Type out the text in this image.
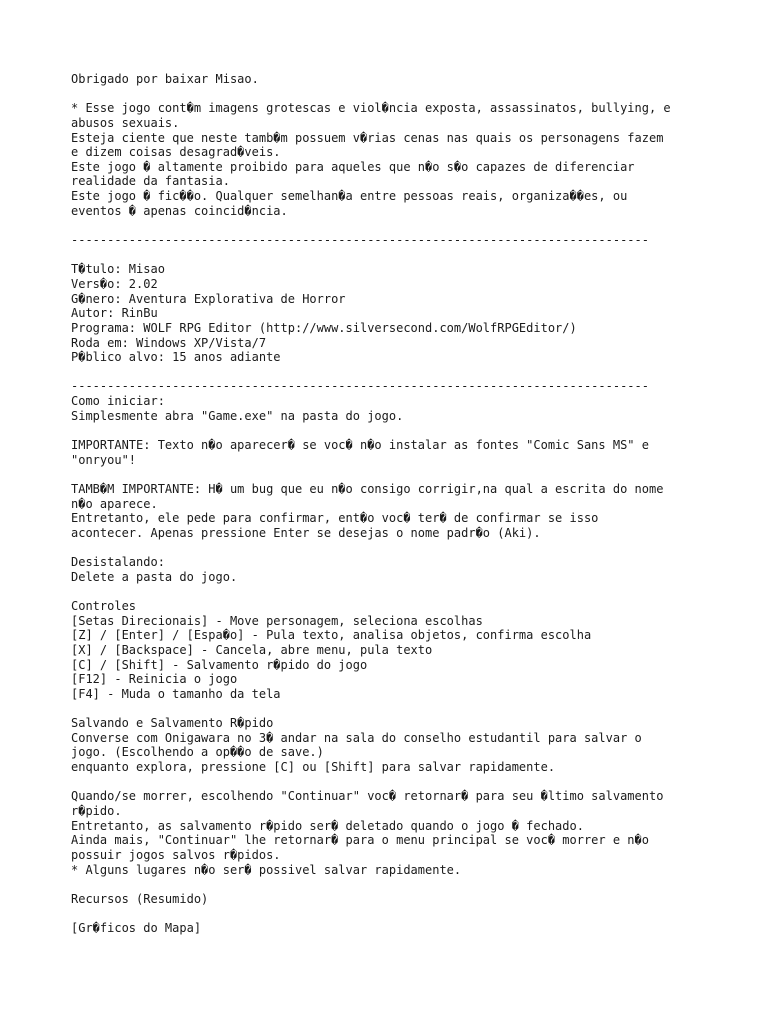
Obrigado por baixar Misao.
* Esse jogo cont�m imagens grotescas e viol�ncia exposta, assassinatos, bullying, e
abusos sexuais.
Esteja ciente que neste tamb�m possuem v�rias cenas nas quais os personagens fazem
e dizem coisas desagrad�veis.
Este jogo � altamente proibido para aqueles que n�o s�o capazes de diferenciar
realidade da fantasia.
Este jogo � fic��o. Qualquer semelhan�a entre pessoas reais, organiza��es, ou
eventos � apenas coincid�ncia.
--------------------------------------------------------------------------------
T�tulo: Misao
Vers�o: 2.02
G�nero: Aventura Explorativa de Horror
Autor: RinBu
Programa: WOLF RPG Editor (http://www.silversecond.com/WolfRPGEditor/)
Roda em: Windows XP/Vista/7
P�blico alvo: 15 anos adiante
--------------------------------------------------------------------------------
Como iniciar:
Simplesmente abra "Game.exe" na pasta do jogo.
IMPORTANTE: Texto n�o aparecer� se voc� n�o instalar as fontes "Comic Sans MS" e
"onryou"!
TAMB�M IMPORTANTE: H� um bug que eu n�o consigo corrigir,na qual a escrita do nome
n�o aparece.
Entretanto, ele pede para confirmar, ent�o voc� ter� de confirmar se isso
acontecer. Apenas pressione Enter se desejas o nome padr�o (Aki).
Desistalando:
Delete a pasta do jogo.
Controles
[Setas Direcionais] - Move personagem, seleciona escolhas
[Z] / [Enter] / [Espa�o] - Pula texto, analisa objetos, confirma escolha
[X] / [Backspace] - Cancela, abre menu, pula texto
[C] / [Shift] - Salvamento r�pido do jogo
[F12] - Reinicia o jogo
[F4] - Muda o tamanho da tela
Salvando e Salvamento R�pido
Converse com Onigawara no 3� andar na sala do conselho estudantil para salvar o
jogo. (Escolhendo a op��o de save.)
enquanto explora, pressione [C] ou [Shift] para salvar rapidamente.
Quando/se morrer, escolhendo "Continuar" voc� retornar� para seu �ltimo salvamento
r�pido.
Entretanto, as salvamento r�pido ser� deletado quando o jogo � fechado.
Ainda mais, "Continuar" lhe retornar� para o menu principal se voc� morrer e n�o
possuir jogos salvos r�pidos.
* Alguns lugares n�o ser� possivel salvar rapidamente.
Recursos (Resumido)
[Gr�ficos do Mapa]
